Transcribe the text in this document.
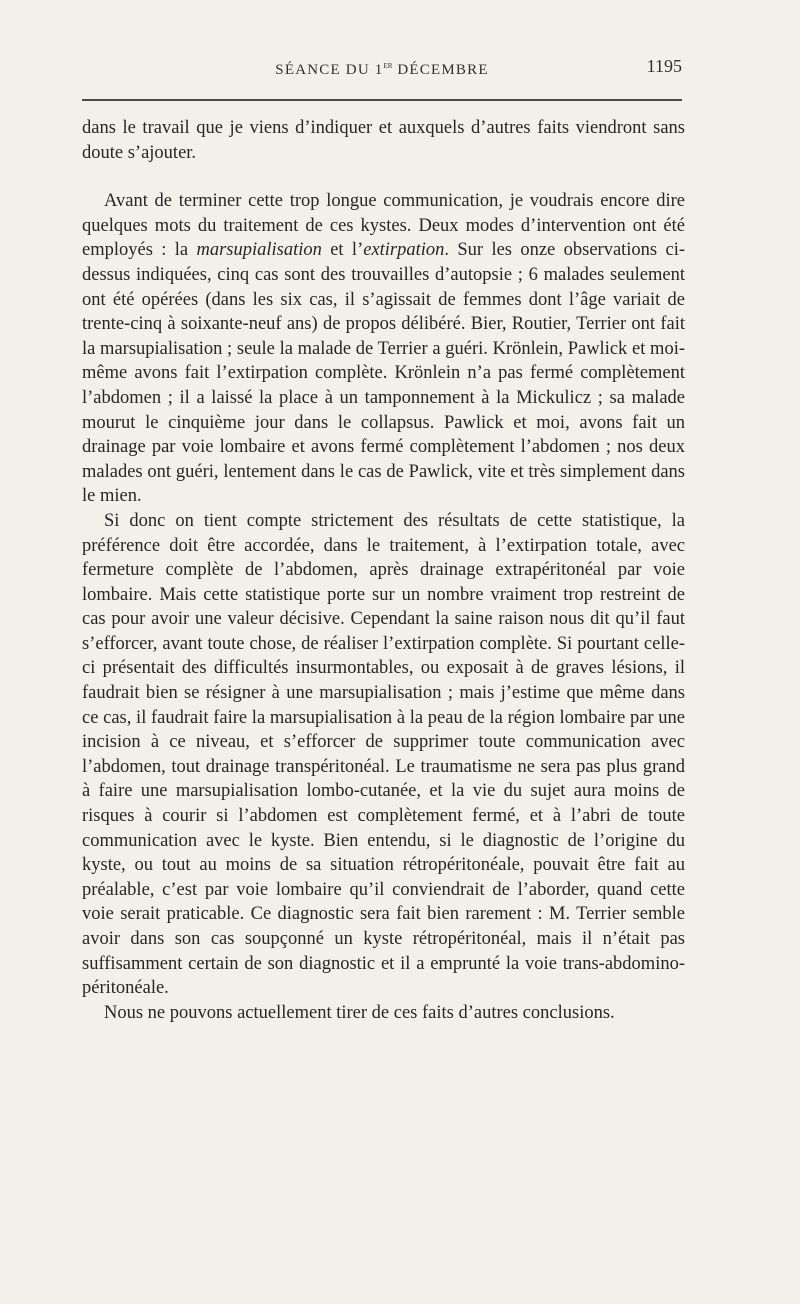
SÉANCE DU 1er DÉCEMBRE	1195

dans le travail que je viens d’indiquer et auxquels d’autres faits viendront sans doute s’ajouter.

Avant de terminer cette trop longue communication, je voudrais encore dire quelques mots du traitement de ces kystes. Deux modes d’intervention ont été employés : la marsupialisation et l’extirpation. Sur les onze observations ci-dessus indiquées, cinq cas sont des trouvailles d’autopsie ; 6 malades seulement ont été opérées (dans les six cas, il s’agissait de femmes dont l’âge variait de trente-cinq à soixante-neuf ans) de propos délibéré. Bier, Routier, Terrier ont fait la marsupialisation ; seule la malade de Terrier a guéri. Krönlein, Pawlick et moi-même avons fait l’extirpation complète. Krönlein n’a pas fermé complètement l’abdomen ; il a laissé la place à un tamponnement à la Mickulicz ; sa malade mourut le cinquième jour dans le collapsus. Pawlick et moi, avons fait un drainage par voie lombaire et avons fermé complètement l’abdomen ; nos deux malades ont guéri, lentement dans le cas de Pawlick, vite et très simplement dans le mien.

Si donc on tient compte strictement des résultats de cette statistique, la préférence doit être accordée, dans le traitement, à l’extirpation totale, avec fermeture complète de l’abdomen, après drainage extrapéritonéal par voie lombaire. Mais cette statistique porte sur un nombre vraiment trop restreint de cas pour avoir une valeur décisive. Cependant la saine raison nous dit qu’il faut s’efforcer, avant toute chose, de réaliser l’extirpation complète. Si pourtant celle-ci présentait des difficultés insurmontables, ou exposait à de graves lésions, il faudrait bien se résigner à une marsupialisation ; mais j’estime que même dans ce cas, il faudrait faire la marsupialisation à la peau de la région lombaire par une incision à ce niveau, et s’efforcer de supprimer toute communication avec l’abdomen, tout drainage transpéritonéal. Le traumatisme ne sera pas plus grand à faire une marsupialisation lombo-cutanée, et la vie du sujet aura moins de risques à courir si l’abdomen est complètement fermé, et à l’abri de toute communication avec le kyste. Bien entendu, si le diagnostic de l’origine du kyste, ou tout au moins de sa situation rétropéritonéale, pouvait être fait au préalable, c’est par voie lombaire qu’il conviendrait de l’aborder, quand cette voie serait praticable. Ce diagnostic sera fait bien rarement : M. Terrier semble avoir dans son cas soupçonné un kyste rétropéritonéal, mais il n’était pas suffisamment certain de son diagnostic et il a emprunté la voie trans-abdomino-péritonéale.

Nous ne pouvons actuellement tirer de ces faits d’autres conclusions.
